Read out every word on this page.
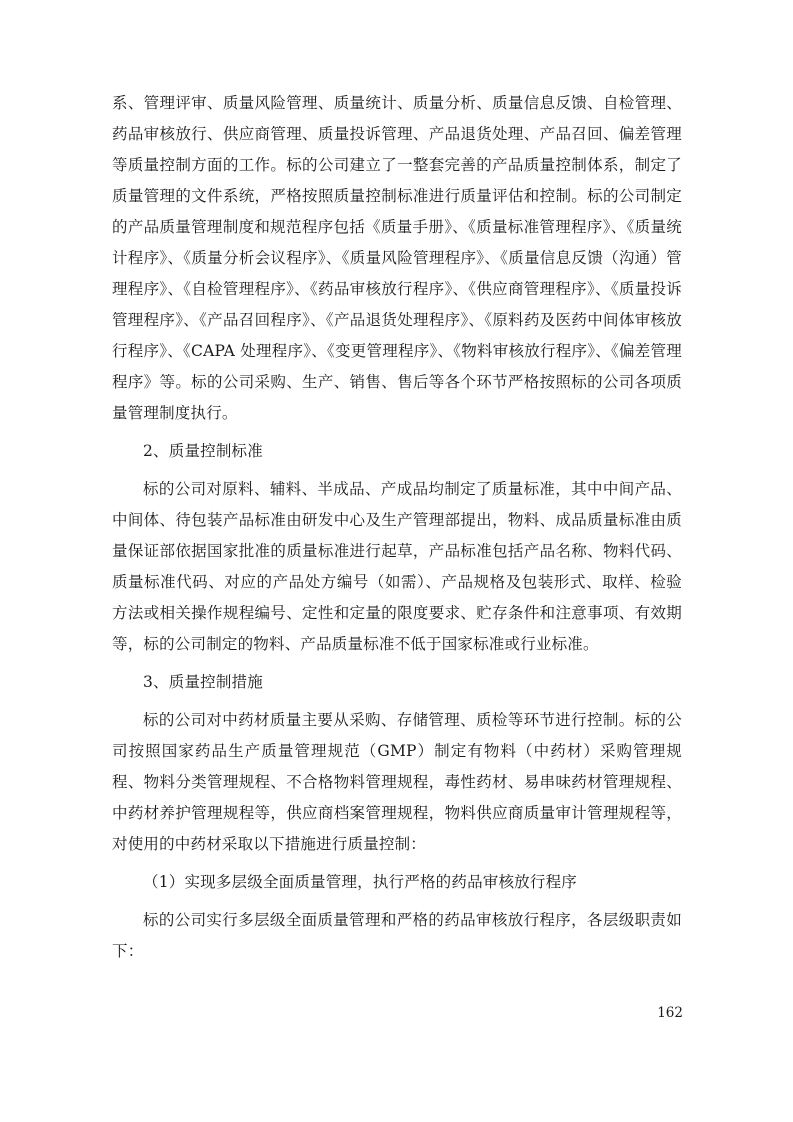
系、管理评审、质量风险管理、质量统计、质量分析、质量信息反馈、自检管理、药品审核放行、供应商管理、质量投诉管理、产品退货处理、产品召回、偏差管理等质量控制方面的工作。标的公司建立了一整套完善的产品质量控制体系，制定了质量管理的文件系统，严格按照质量控制标准进行质量评估和控制。标的公司制定的产品质量管理制度和规范程序包括《质量手册》、《质量标准管理程序》、《质量统计程序》、《质量分析会议程序》、《质量风险管理程序》、《质量信息反馈（沟通）管理程序》、《自检管理程序》、《药品审核放行程序》、《供应商管理程序》、《质量投诉管理程序》、《产品召回程序》、《产品退货处理程序》、《原料药及医药中间体审核放行程序》、《CAPA 处理程序》、《变更管理程序》、《物料审核放行程序》、《偏差管理程序》等。标的公司采购、生产、销售、售后等各个环节严格按照标的公司各项质量管理制度执行。

2、质量控制标准

标的公司对原料、辅料、半成品、产成品均制定了质量标准，其中中间产品、中间体、待包装产品标准由研发中心及生产管理部提出，物料、成品质量标准由质量保证部依据国家批准的质量标准进行起草，产品标准包括产品名称、物料代码、质量标准代码、对应的产品处方编号（如需）、产品规格及包装形式、取样、检验方法或相关操作规程编号、定性和定量的限度要求、贮存条件和注意事项、有效期等，标的公司制定的物料、产品质量标准不低于国家标准或行业标准。

3、质量控制措施

标的公司对中药材质量主要从采购、存储管理、质检等环节进行控制。标的公司按照国家药品生产质量管理规范（GMP）制定有物料（中药材）采购管理规程、物料分类管理规程、不合格物料管理规程，毒性药材、易串味药材管理规程、中药材养护管理规程等，供应商档案管理规程，物料供应商质量审计管理规程等，对使用的中药材采取以下措施进行质量控制：

（1）实现多层级全面质量管理，执行严格的药品审核放行程序

标的公司实行多层级全面质量管理和严格的药品审核放行程序，各层级职责如下：

162
